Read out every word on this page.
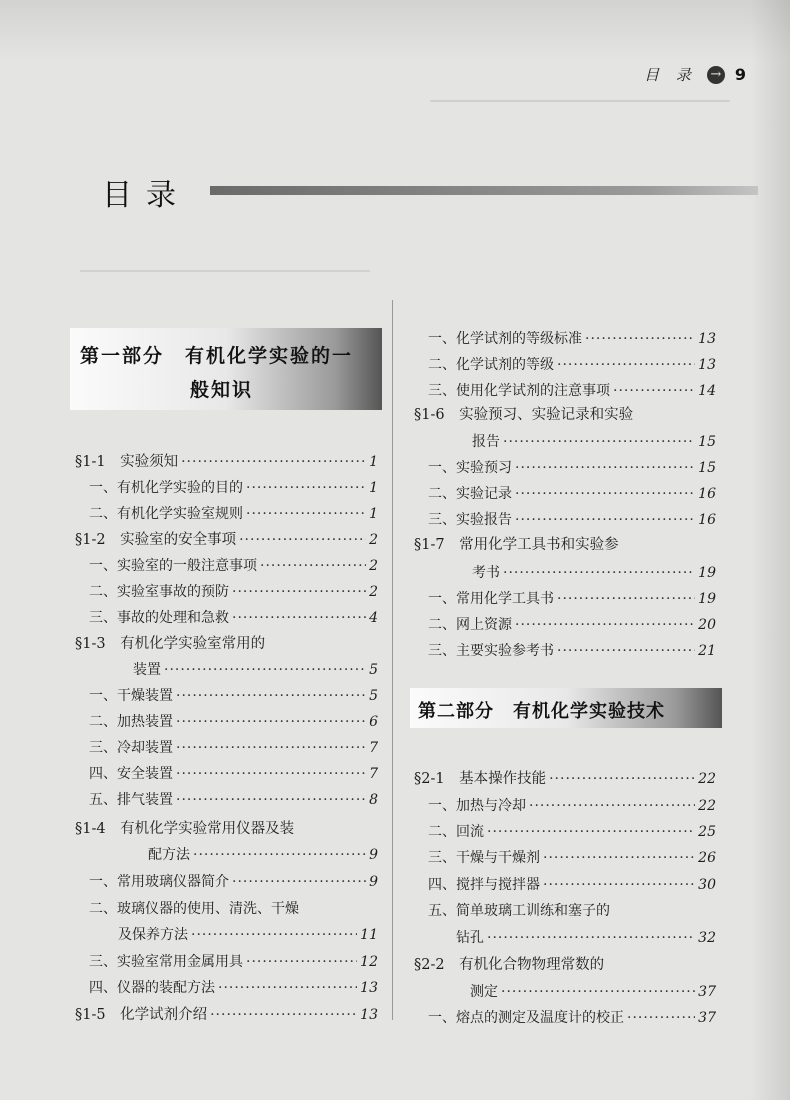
目 录 → 9
目录
第一部分　有机化学实验的一
般知识
§1-1　实验须知 ·····	1
一、有机化学实验的目的 ·····	1
二、有机化学实验室规则 ·····	1
§1-2　实验室的安全事项 ·····	2
一、实验室的一般注意事项 ·····	2
二、实验室事故的预防 ·····	2
三、事故的处理和急救 ·····	4
§1-3　有机化学实验室常用的
装置 ·····	5
一、干燥装置 ·····	5
二、加热装置 ·····	6
三、冷却装置 ·····	7
四、安全装置 ·····	7
五、排气装置 ·····	8
§1-4　有机化学实验常用仪器及装
配方法 ·····	9
一、常用玻璃仪器简介 ·····	9
二、玻璃仪器的使用、清洗、干燥
及保养方法 ·····	11
三、实验室常用金属用具 ·····	12
四、仪器的装配方法 ·····	13
§1-5　化学试剂介绍 ·····	13
一、化学试剂的等级标准 ·····	13
二、化学试剂的等级 ·····	13
三、使用化学试剂的注意事项 ·····	14
§1-6　实验预习、实验记录和实验
报告 ·····	15
一、实验预习 ·····	15
二、实验记录 ·····	16
三、实验报告 ·····	16
§1-7　常用化学工具书和实验参
考书 ·····	19
一、常用化学工具书 ·····	19
二、网上资源 ·····	20
三、主要实验参考书 ·····	21
第二部分　有机化学实验技术
§2-1　基本操作技能 ·····	22
一、加热与冷却 ·····	22
二、回流 ·····	25
三、干燥与干燥剂 ·····	26
四、搅拌与搅拌器 ·····	30
五、简单玻璃工训练和塞子的
钻孔 ·····	32
§2-2　有机化合物物理常数的
测定 ·····	37
一、熔点的测定及温度计的校正 ·····	37
